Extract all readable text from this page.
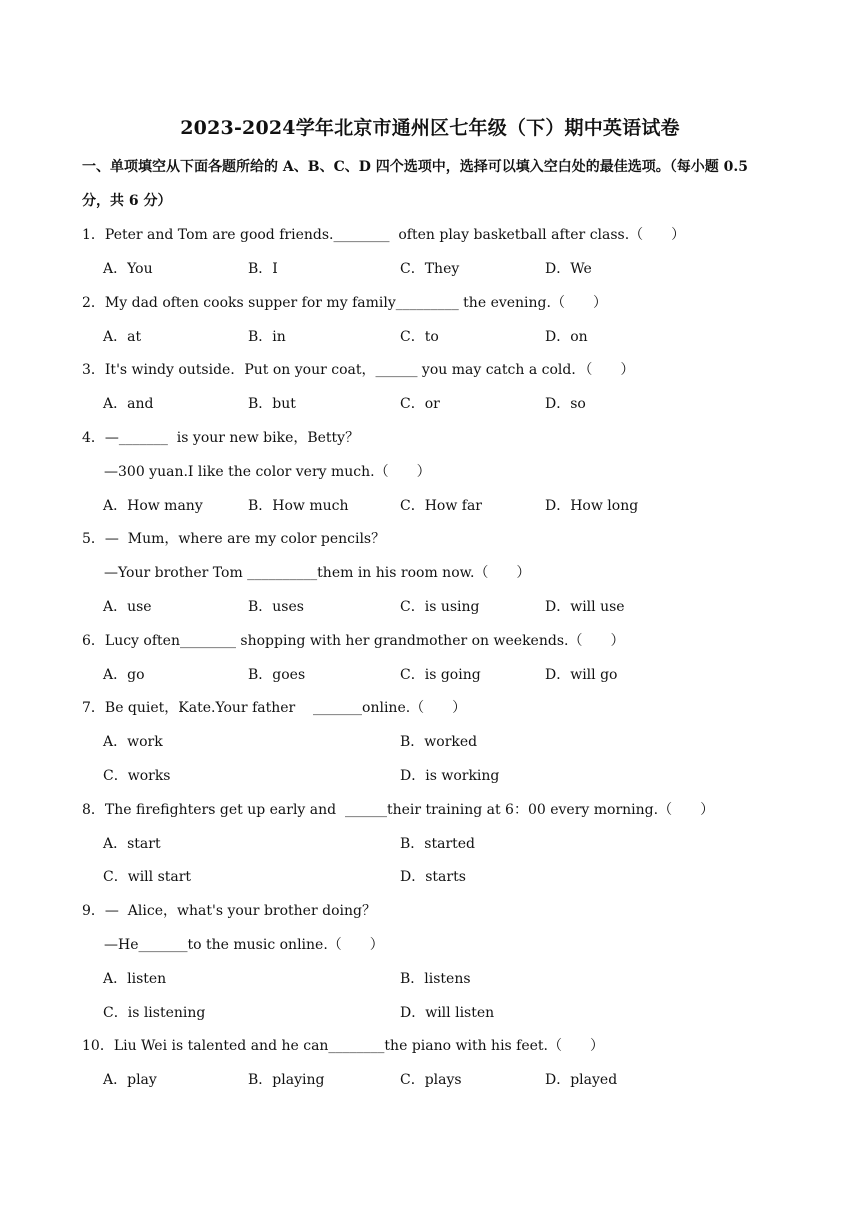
2023-2024学年北京市通州区七年级（下）期中英语试卷
一、单项填空从下面各题所给的 A、B、C、D 四个选项中，选择可以填入空白处的最佳选项。（每小题 0.5
分，共 6 分）
1．Peter and Tom are good friends.________  often play basketball after class.（　　）
A．You	B．I	C．They	D．We
2．My dad often cooks supper for my family_________ the evening.（　　）
A．at	B．in	C．to	D．on
3．It's windy outside．Put on your coat，______ you may catch a cold．（　　）
A．and	B．but	C．or	D．so
4．—_______  is your new bike，Betty？
—300 yuan.I like the color very much.（　　）
A．How many	B．How much	C．How far	D．How long
5．—  Mum，where are my color pencils？
—Your brother Tom __________them in his room now.（　　）
A．use	B．uses	C．is using	D．will use
6．Lucy often________ shopping with her grandmother on weekends.（　　）
A．go	B．goes	C．is going	D．will go
7．Be quiet，Kate.Your father    _______online.（　　）
A．work	B．worked
C．works	D．is working
8．The firefighters get up early and  ______their training at 6：00 every morning.（　　）
A．start	B．started
C．will start	D．starts
9．—  Alice，what's your brother doing？
—He_______to the music online.（　　）
A．listen	B．listens
C．is listening	D．will listen
10．Liu Wei is talented and he can________the piano with his feet.（　　）
A．play	B．playing	C．plays	D．played
